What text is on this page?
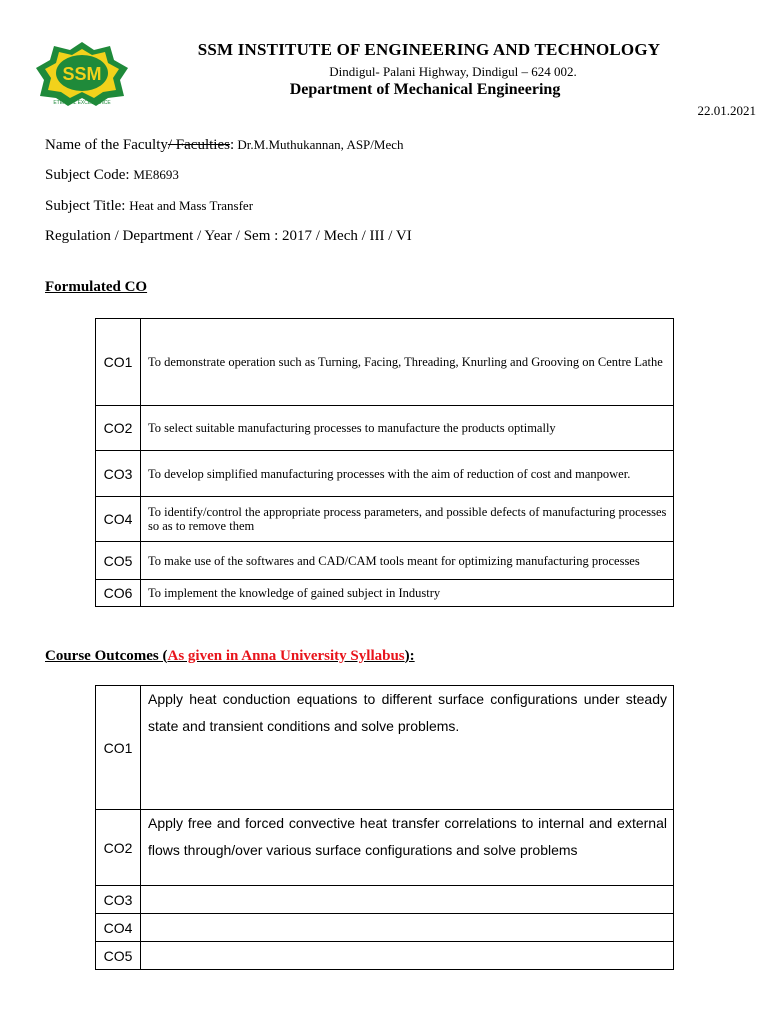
SSM
ETERNAL EXCELLENCE
SSM INSTITUTE OF ENGINEERING AND TECHNOLOGY
Dindigul- Palani Highway, Dindigul – 624 002.
Department of Mechanical Engineering
22.01.2021
Name of the Faculty/ Faculties: Dr.M.Muthukannan, ASP/Mech
Subject Code: ME8693
Subject Title: Heat and Mass Transfer
Regulation / Department / Year / Sem : 2017 / Mech / III / VI
Formulated CO
CO1	To demonstrate operation such as Turning, Facing, Threading, Knurling and Grooving on Centre Lathe
CO2	To select suitable manufacturing processes to manufacture the products optimally
CO3	To develop simplified manufacturing processes with the aim of reduction of cost and manpower.
CO4	To identify/control the appropriate process parameters, and possible defects of manufacturing processes so as to remove them
CO5	To make use of the softwares and CAD/CAM tools meant for optimizing manufacturing processes
CO6	To implement the knowledge of gained subject in Industry
Course Outcomes (As given in Anna University Syllabus):
CO1	Apply heat conduction equations to different surface configurations under steady state and transient conditions and solve problems.
CO2	Apply free and forced convective heat transfer correlations to internal and external flows through/over various surface configurations and solve problems
CO3	
CO4	
CO5	
